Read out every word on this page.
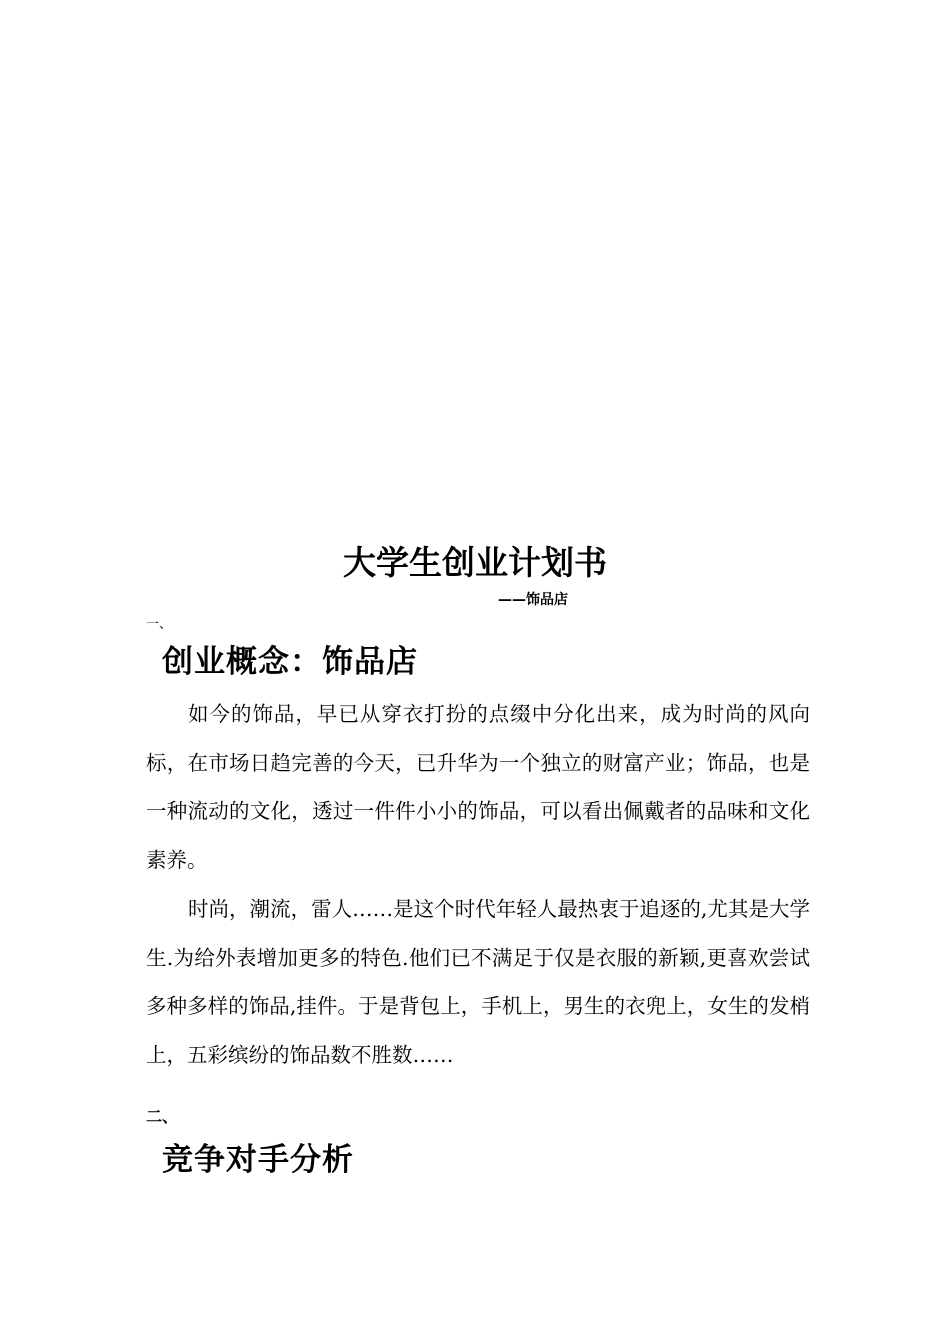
大学生创业计划书
——饰品店
一、
创业概念：饰品店

如今的饰品，早已从穿衣打扮的点缀中分化出来，成为时尚的风向标，在市场日趋完善的今天，已升华为一个独立的财富产业；饰品，也是一种流动的文化，透过一件件小小的饰品，可以看出佩戴者的品味和文化素养。

时尚，潮流，雷人……是这个时代年轻人最热衷于追逐的,尤其是大学生.为给外表增加更多的特色.他们已不满足于仅是衣服的新颖,更喜欢尝试多种多样的饰品,挂件。于是背包上，手机上，男生的衣兜上，女生的发梢上，五彩缤纷的饰品数不胜数……

二、
竞争对手分析
